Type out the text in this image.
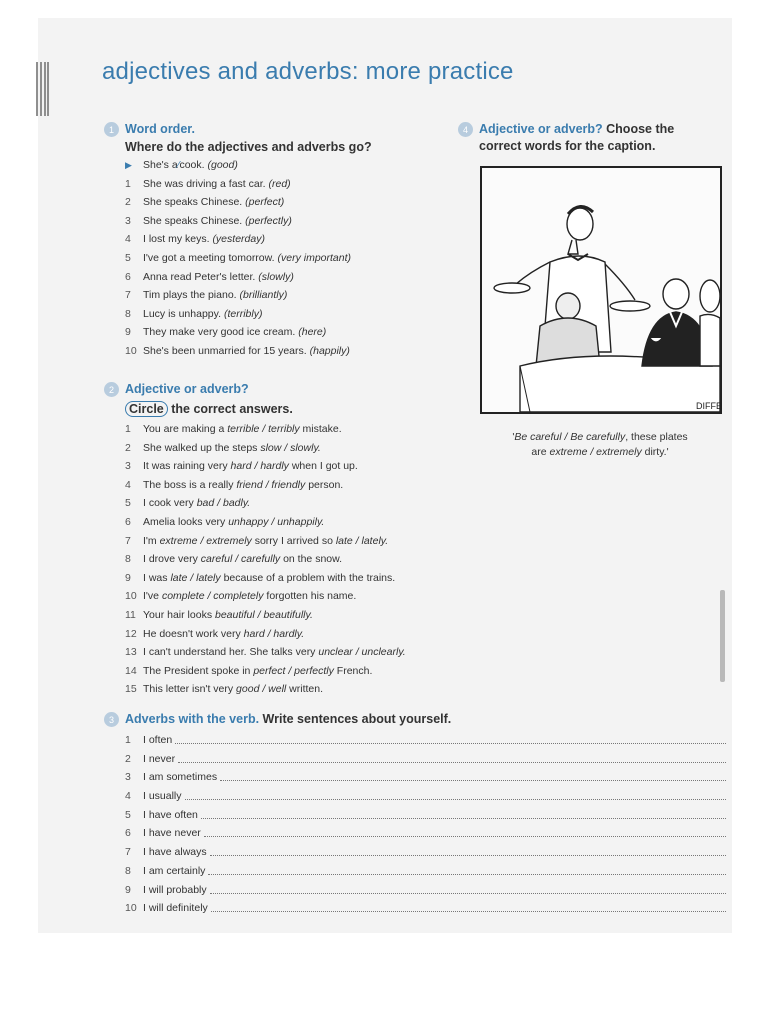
adjectives and adverbs: more practice
1 Word order.
Where do the adjectives and adverbs go?
▶	She's a ⁄ cook.
(good)
1	She was driving a fast car.
(red)
2	She speaks Chinese.
(perfect)
3	She speaks Chinese.
(perfectly)
4	I lost my keys.
(yesterday)
5	I've got a meeting tomorrow.
(very important)
6	Anna read Peter's letter.
(slowly)
7	Tim plays the piano.
(brilliantly)
8	Lucy is unhappy.
(terribly)
9	They make very good ice cream.
(here)
10 She's been unmarried for 15 years.
(happily)
2 Adjective or adverb?
Circle the correct answers.
1	You are making a terrible / terribly mistake.
2	She walked up the steps slow / slowly.
3	It was raining very hard / hardly when I got up.
4	The boss is a really friend / friendly person.
5	I cook very bad / badly.
6	Amelia looks very unhappy / unhappily.
7	I'm extreme / extremely sorry I arrived so late / lately.
8	I drove very careful / carefully on the snow.
9	I was late / lately because of a problem with the trains.
10 I've complete / completely forgotten his name.
11 Your hair looks beautiful / beautifully.
12 He doesn't work very hard / hardly.
13 I can't understand her. She talks very unclear / unclearly.
14 The President spoke in perfect / perfectly French.
15 This letter isn't very good / well written.
3 Adverbs with the verb. Write sentences about yourself.
1	I often
2	I never
3	I am sometimes
4	I usually
5	I have often
6	I have never
7	I have always
8	I am certainly
9	I will probably
10 I will definitely
4 Adjective or adverb? Choose the
correct words for the caption.
DIFFE
'Be careful / Be carefully, these plates
are extreme / extremely dirty.'
